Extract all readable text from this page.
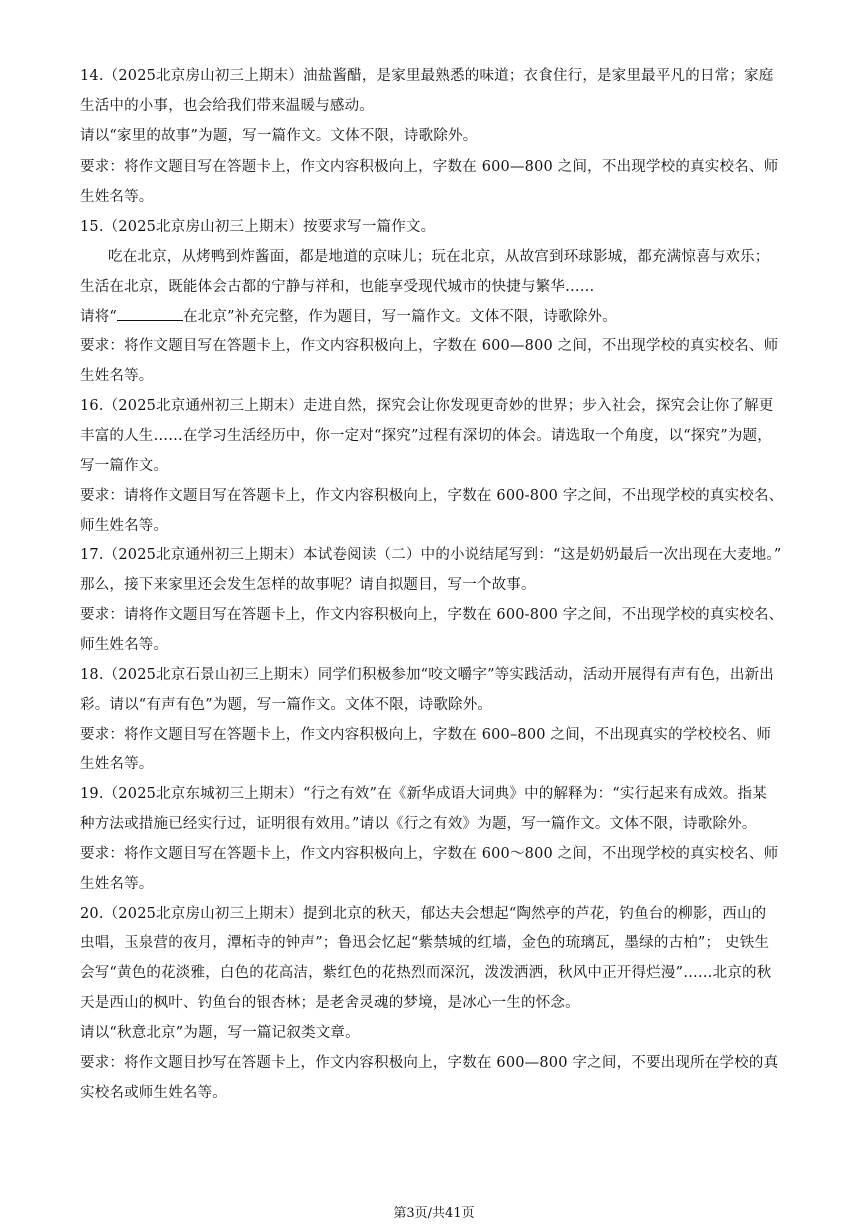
14.（2025北京房山初三上期末）油盐酱醋，是家里最熟悉的味道；衣食住行，是家里最平凡的日常；家庭
生活中的小事，也会给我们带来温暖与感动。
请以“家里的故事”为题，写一篇作文。文体不限，诗歌除外。
要求：将作文题目写在答题卡上，作文内容积极向上，字数在 600—800 之间，不出现学校的真实校名、师
生姓名等。
15.（2025北京房山初三上期末）按要求写一篇作文。
吃在北京，从烤鸭到炸酱面，都是地道的京味儿；玩在北京，从故宫到环球影城，都充满惊喜与欢乐；
生活在北京，既能体会古都的宁静与祥和，也能享受现代城市的快捷与繁华……
请将“	在北京”补充完整，作为题目，写一篇作文。文体不限，诗歌除外。
要求：将作文题目写在答题卡上，作文内容积极向上，字数在 600—800 之间，不出现学校的真实校名、师
生姓名等。
16.（2025北京通州初三上期末）走进自然，探究会让你发现更奇妙的世界；步入社会，探究会让你了解更
丰富的人生……在学习生活经历中，你一定对“探究”过程有深切的体会。请选取一个角度，以“探究”为题，
写一篇作文。
要求：请将作文题目写在答题卡上，作文内容积极向上，字数在 600-800 字之间，不出现学校的真实校名、
师生姓名等。
17.（2025北京通州初三上期末）本试卷阅读（二）中的小说结尾写到：“这是奶奶最后一次出现在大麦地。”
那么，接下来家里还会发生怎样的故事呢？请自拟题目，写一个故事。
要求：请将作文题目写在答题卡上，作文内容积极向上，字数在 600-800 字之间，不出现学校的真实校名、
师生姓名等。
18.（2025北京石景山初三上期末）同学们积极参加“咬文嚼字”等实践活动，活动开展得有声有色，出新出
彩。请以“有声有色”为题，写一篇作文。文体不限，诗歌除外。
要求：将作文题目写在答题卡上，作文内容积极向上，字数在 600–800 之间，不出现真实的学校校名、师
生姓名等。
19.（2025北京东城初三上期末）“行之有效”在《新华成语大词典》中的解释为：“实行起来有成效。指某
种方法或措施已经实行过，证明很有效用。”请以《行之有效》为题，写一篇作文。文体不限，诗歌除外。
要求：将作文题目写在答题卡上，作文内容积极向上，字数在 600～800 之间，不出现学校的真实校名、师
生姓名等。
20.（2025北京房山初三上期末）提到北京的秋天，郁达夫会想起“陶然亭的芦花，钓鱼台的柳影，西山的
虫唱，玉泉营的夜月，潭柘寺的钟声”；鲁迅会忆起“紫禁城的红墙，金色的琉璃瓦，墨绿的古柏”； 史铁生
会写“黄色的花淡雅，白色的花高洁，紫红色的花热烈而深沉，泼泼洒洒，秋风中正开得烂漫”……北京的秋
天是西山的枫叶、钓鱼台的银杏林；是老舍灵魂的梦境，是冰心一生的怀念。
请以“秋意北京”为题，写一篇记叙类文章。
要求：将作文题目抄写在答题卡上，作文内容积极向上，字数在 600—800 字之间，不要出现所在学校的真
实校名或师生姓名等。
第3页/共41页
